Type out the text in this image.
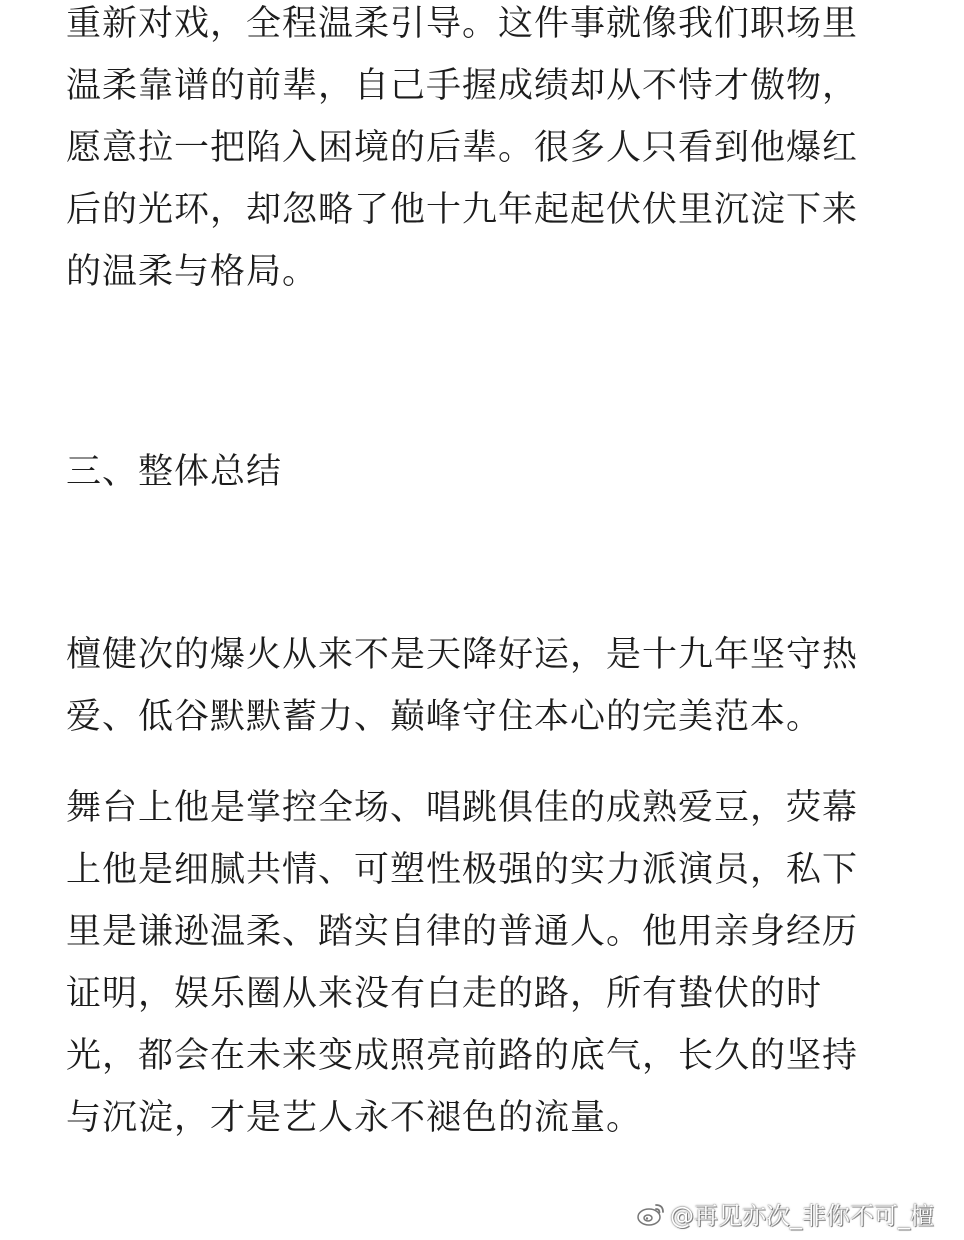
重新对戏，全程温柔引导。这件事就像我们职场里
温柔靠谱的前辈，自己手握成绩却从不恃才傲物，
愿意拉一把陷入困境的后辈。很多人只看到他爆红
后的光环，却忽略了他十九年起起伏伏里沉淀下来
的温柔与格局。

三、整体总结

檀健次的爆火从来不是天降好运，是十九年坚守热
爱、低谷默默蓄力、巅峰守住本心的完美范本。

舞台上他是掌控全场、唱跳俱佳的成熟爱豆，荧幕
上他是细腻共情、可塑性极强的实力派演员，私下
里是谦逊温柔、踏实自律的普通人。他用亲身经历
证明，娱乐圈从来没有白走的路，所有蛰伏的时
光，都会在未来变成照亮前路的底气，长久的坚持
与沉淀，才是艺人永不褪色的流量。

@再见亦次_非你不可_檀
